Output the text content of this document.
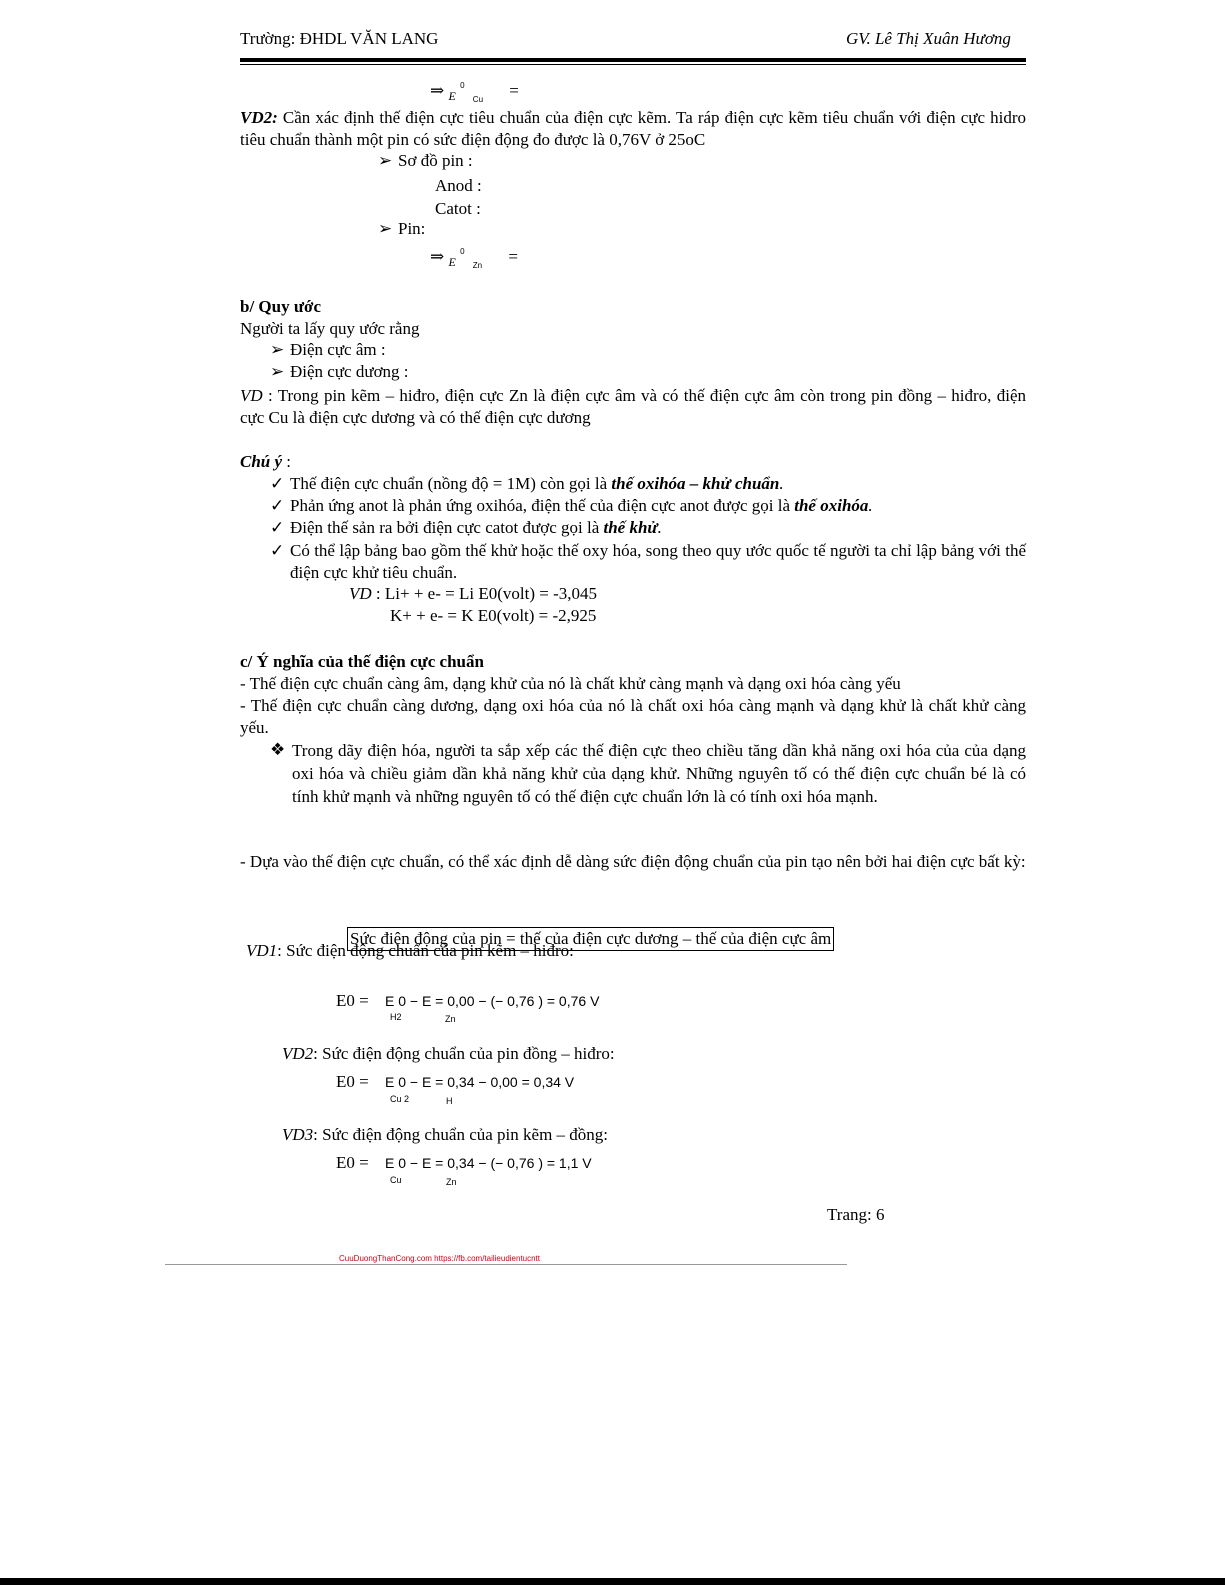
Trường: ĐHDL VĂN LANG	GV. Lê Thị Xuân Hương
⇒ $_E$ $^0$ $_{Cu}$ =
VD2: Cần xác định thế điện cực tiêu chuẩn của điện cực kẽm. Ta ráp điện cực kẽm tiêu chuẩn với điện cực hidro tiêu chuẩn thành một pin có sức điện động đo được là 0,76V ở 25oC
➢ Sơ đồ pin :
Anod :
Catot :
➢ Pin:
⇒ $_E$ $^0$ $_{Zn}$ =
b/ Quy ước
Người ta lấy quy ước rằng
➢ Điện cực âm :
➢ Điện cực dương :
VD : Trong pin kẽm – hiđro, điện cực Zn là điện cực âm và có thế điện cực âm còn trong pin đồng – hiđro, điện cực Cu là điện cực dương và có thế điện cực dương
Chú ý :
✓ Thế điện cực chuẩn (nồng độ = 1M) còn gọi là thế oxihóa – khử chuẩn.
✓ Phản ứng anot là phản ứng oxihóa, điện thế của điện cực anot được gọi là thế oxihóa.
✓ Điện thế sản ra bởi điện cực catot được gọi là thế khử.
✓ Có thể lập bảng bao gồm thế khử hoặc thế oxy hóa, song theo quy ước quốc tế người ta chỉ lập bảng với thế điện cực khử tiêu chuẩn.
VD : Li+ + e- = Li E0(volt) = -3,045
K+ + e- = K E0(volt) = -2,925
c/ Ý nghĩa của thế điện cực chuẩn
- Thế điện cực chuẩn càng âm, dạng khử của nó là chất khử càng mạnh và dạng oxi hóa càng yếu
- Thế điện cực chuẩn càng dương, dạng oxi hóa của nó là chất oxi hóa càng mạnh và dạng khử là chất khử càng yếu.
❖ Trong dãy điện hóa, người ta sắp xếp các thế điện cực theo chiều tăng dần khả năng oxi hóa của của dạng oxi hóa và chiều giảm dần khả năng khử của dạng khử. Những nguyên tố có thế điện cực chuẩn bé là có tính khử mạnh và những nguyên tố có thế điện cực chuẩn lớn là có tính oxi hóa mạnh.
- Dựa vào thế điện cực chuẩn, có thể xác định dễ dàng sức điện động chuẩn của pin tạo nên bởi hai điện cực bất kỳ:
Sức điện động của pin = thế của điện cực dương – thế của điện cực âm
VD1: Sức điện động chuẩn của pin kẽm – hiđro:
E0 = E 0 − E = 0,00 − (− 0,76 ) = 0,76 V
H2	Zn
VD2: Sức điện động chuẩn của pin đồng – hiđro:
E0 = E 0 − E = 0,34 − 0,00 = 0,34 V
Cu 2	H
VD3: Sức điện động chuẩn của pin kẽm – đồng:
E0 = E 0 − E = 0,34 − (− 0,76 ) = 1,1 V
Cu	Zn
Trang: 6
CuuDuongThanCong.com https://fb.com/tailieudientucntt
